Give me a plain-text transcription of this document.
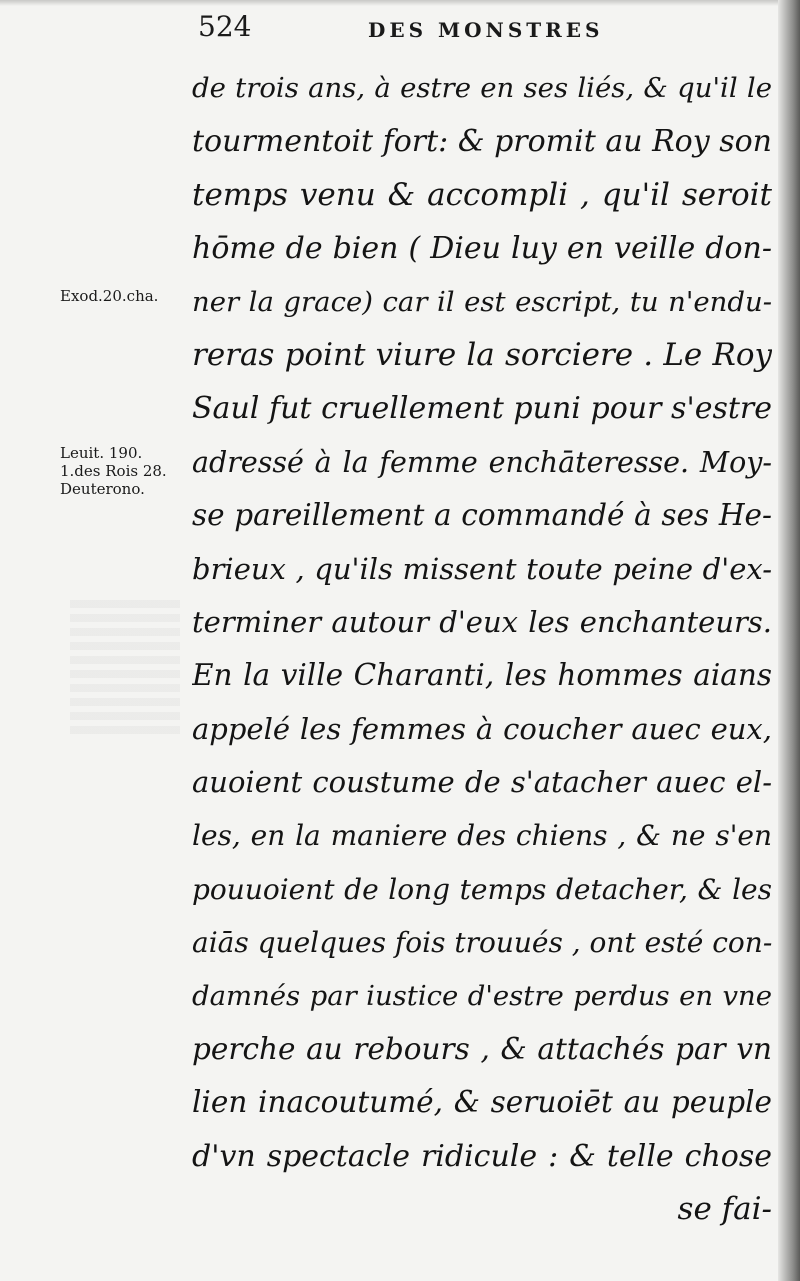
524	DES MONSTRES
Exod.20.cha.
Leuit. 190.
1.des Rois 28.
Deuterono.
de trois ans, à estre en ses liés, & qu'il le
tourmentoit fort: & promit au Roy son
temps venu & accompli , qu'il seroit
hōme de bien ( Dieu luy en veille don-
ner la grace) car il est escript, tu n'endu-
reras point viure la sorciere . Le Roy
Saul fut cruellement puni pour s'estre
adressé à la femme enchāteresse. Moy-
se pareillement a commandé à ses He-
brieux , qu'ils missent toute peine d'ex-
terminer autour d'eux les enchanteurs.
En la ville Charanti, les hommes aians
appelé les femmes à coucher auec eux,
auoient coustume de s'atacher auec el-
les, en la maniere des chiens , & ne s'en
pouuoient de long temps detacher, & les
aiās quelques fois trouués , ont esté con-
damnés par iustice d'estre perdus en vne
perche au rebours , & attachés par vn
lien inacoutumé, & seruoiēt au peuple
d'vn spectacle ridicule : & telle chose
se fai-
